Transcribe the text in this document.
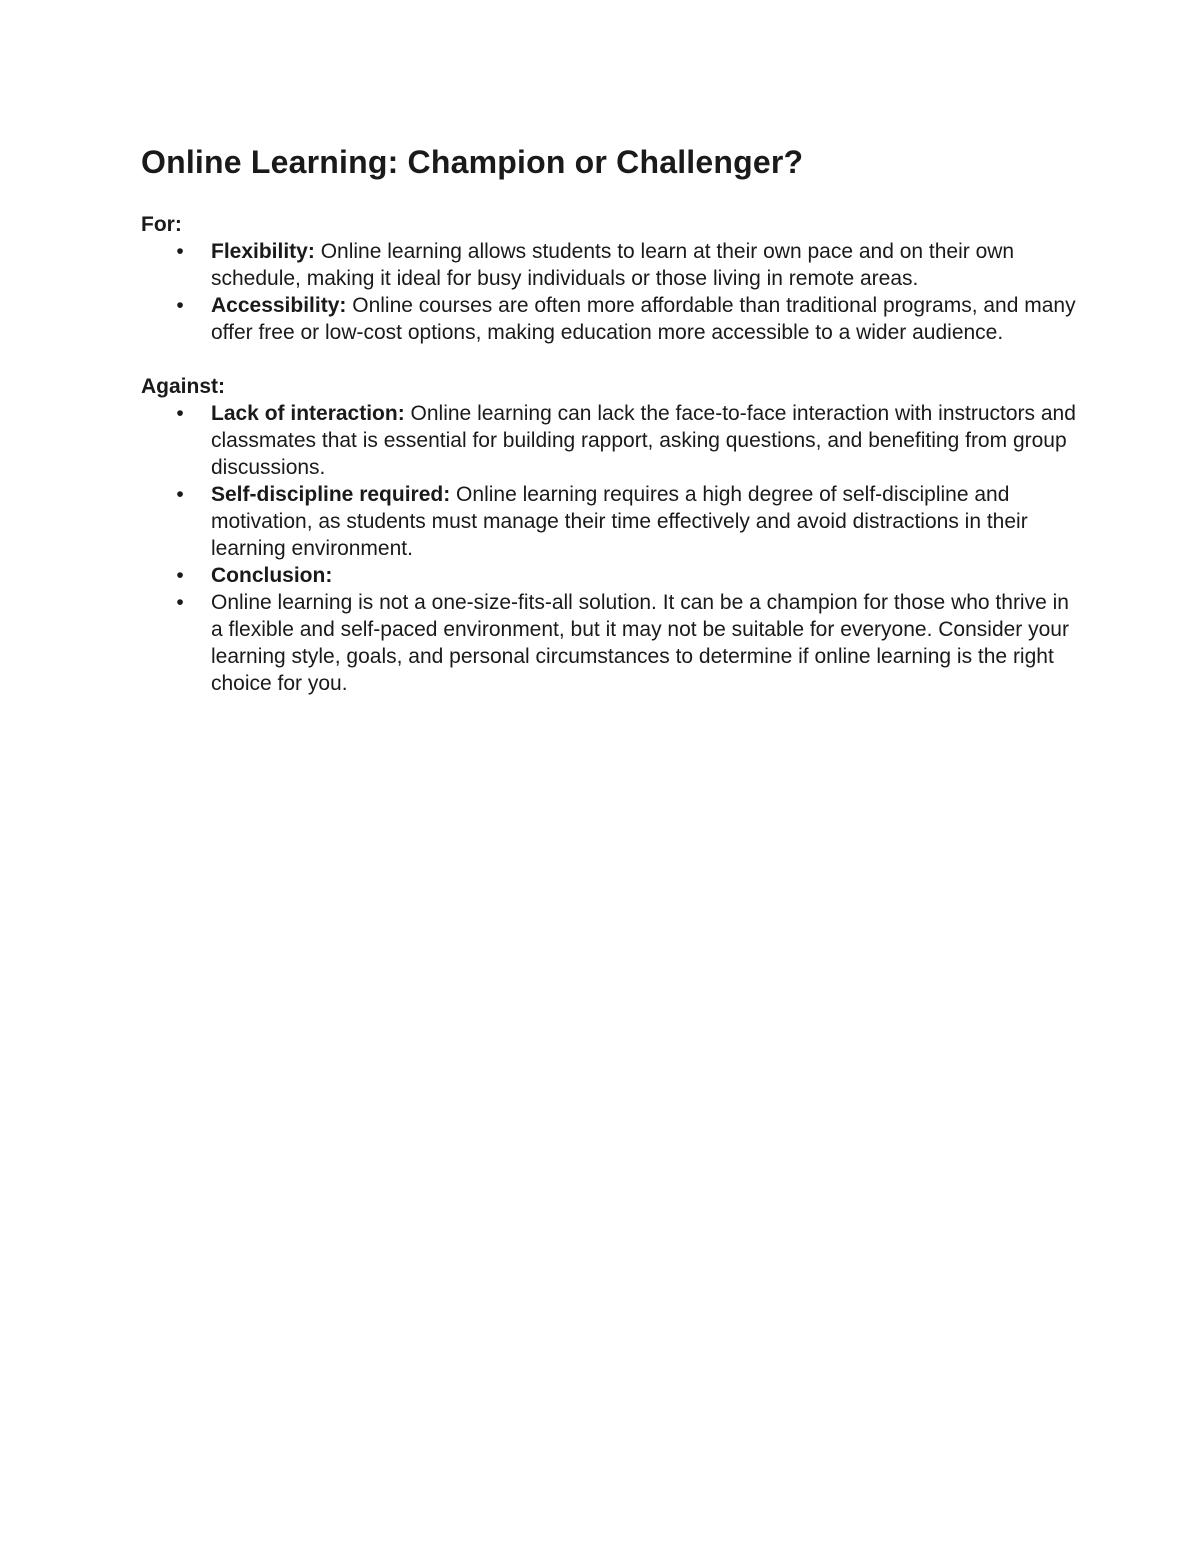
Online Learning: Champion or Challenger?

For:

• Flexibility: Online learning allows students to learn at their own pace and on their own schedule, making it ideal for busy individuals or those living in remote areas.
• Accessibility: Online courses are often more affordable than traditional programs, and many offer free or low-cost options, making education more accessible to a wider audience.

Against:

• Lack of interaction: Online learning can lack the face-to-face interaction with instructors and classmates that is essential for building rapport, asking questions, and benefiting from group discussions.
• Self-discipline required: Online learning requires a high degree of self-discipline and motivation, as students must manage their time effectively and avoid distractions in their learning environment.
• Conclusion:
• Online learning is not a one-size-fits-all solution. It can be a champion for those who thrive in a flexible and self-paced environment, but it may not be suitable for everyone. Consider your learning style, goals, and personal circumstances to determine if online learning is the right choice for you.
